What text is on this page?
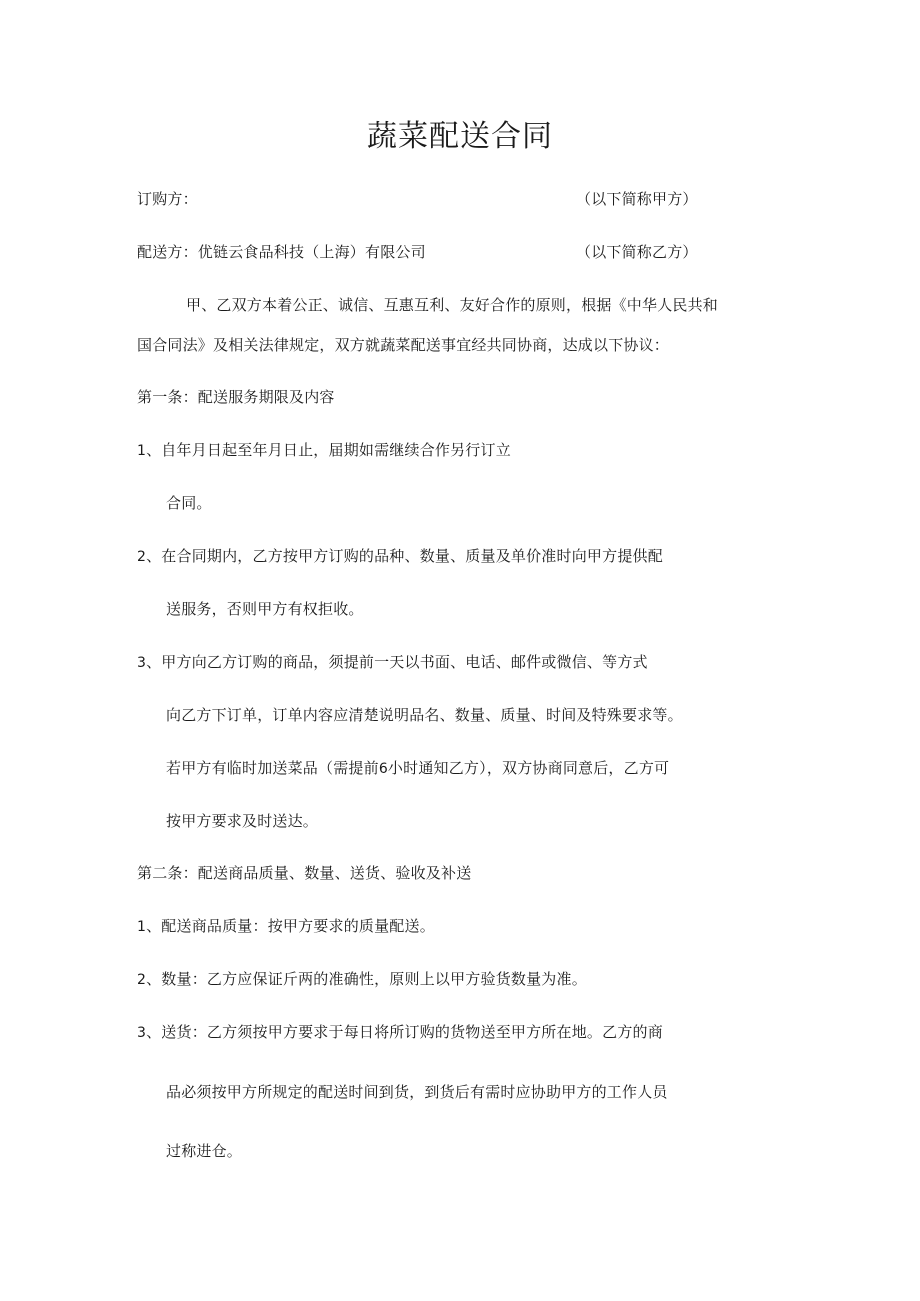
蔬菜配送合同
订购方：	（以下简称甲方）
配送方：优链云食品科技（上海）有限公司	（以下简称乙方）
甲、乙双方本着公正、诚信、互惠互利、友好合作的原则，根据《中华人民共和
国合同法》及相关法律规定，双方就蔬菜配送事宜经共同协商，达成以下协议：
第一条：配送服务期限及内容
1、自年月日起至年月日止，届期如需继续合作另行订立
合同。
2、在合同期内，乙方按甲方订购的品种、数量、质量及单价准时向甲方提供配
送服务，否则甲方有权拒收。
3、甲方向乙方订购的商品，须提前一天以书面、电话、邮件或微信、等方式
向乙方下订单，订单内容应清楚说明品名、数量、质量、时间及特殊要求等。
若甲方有临时加送菜品（需提前6小时通知乙方），双方协商同意后，乙方可
按甲方要求及时送达。
第二条：配送商品质量、数量、送货、验收及补送
1、配送商品质量：按甲方要求的质量配送。
2、数量：乙方应保证斤两的准确性，原则上以甲方验货数量为准。
3、送货：乙方须按甲方要求于每日将所订购的货物送至甲方所在地。乙方的商
品必须按甲方所规定的配送时间到货，到货后有需时应协助甲方的工作人员
过称进仓。
